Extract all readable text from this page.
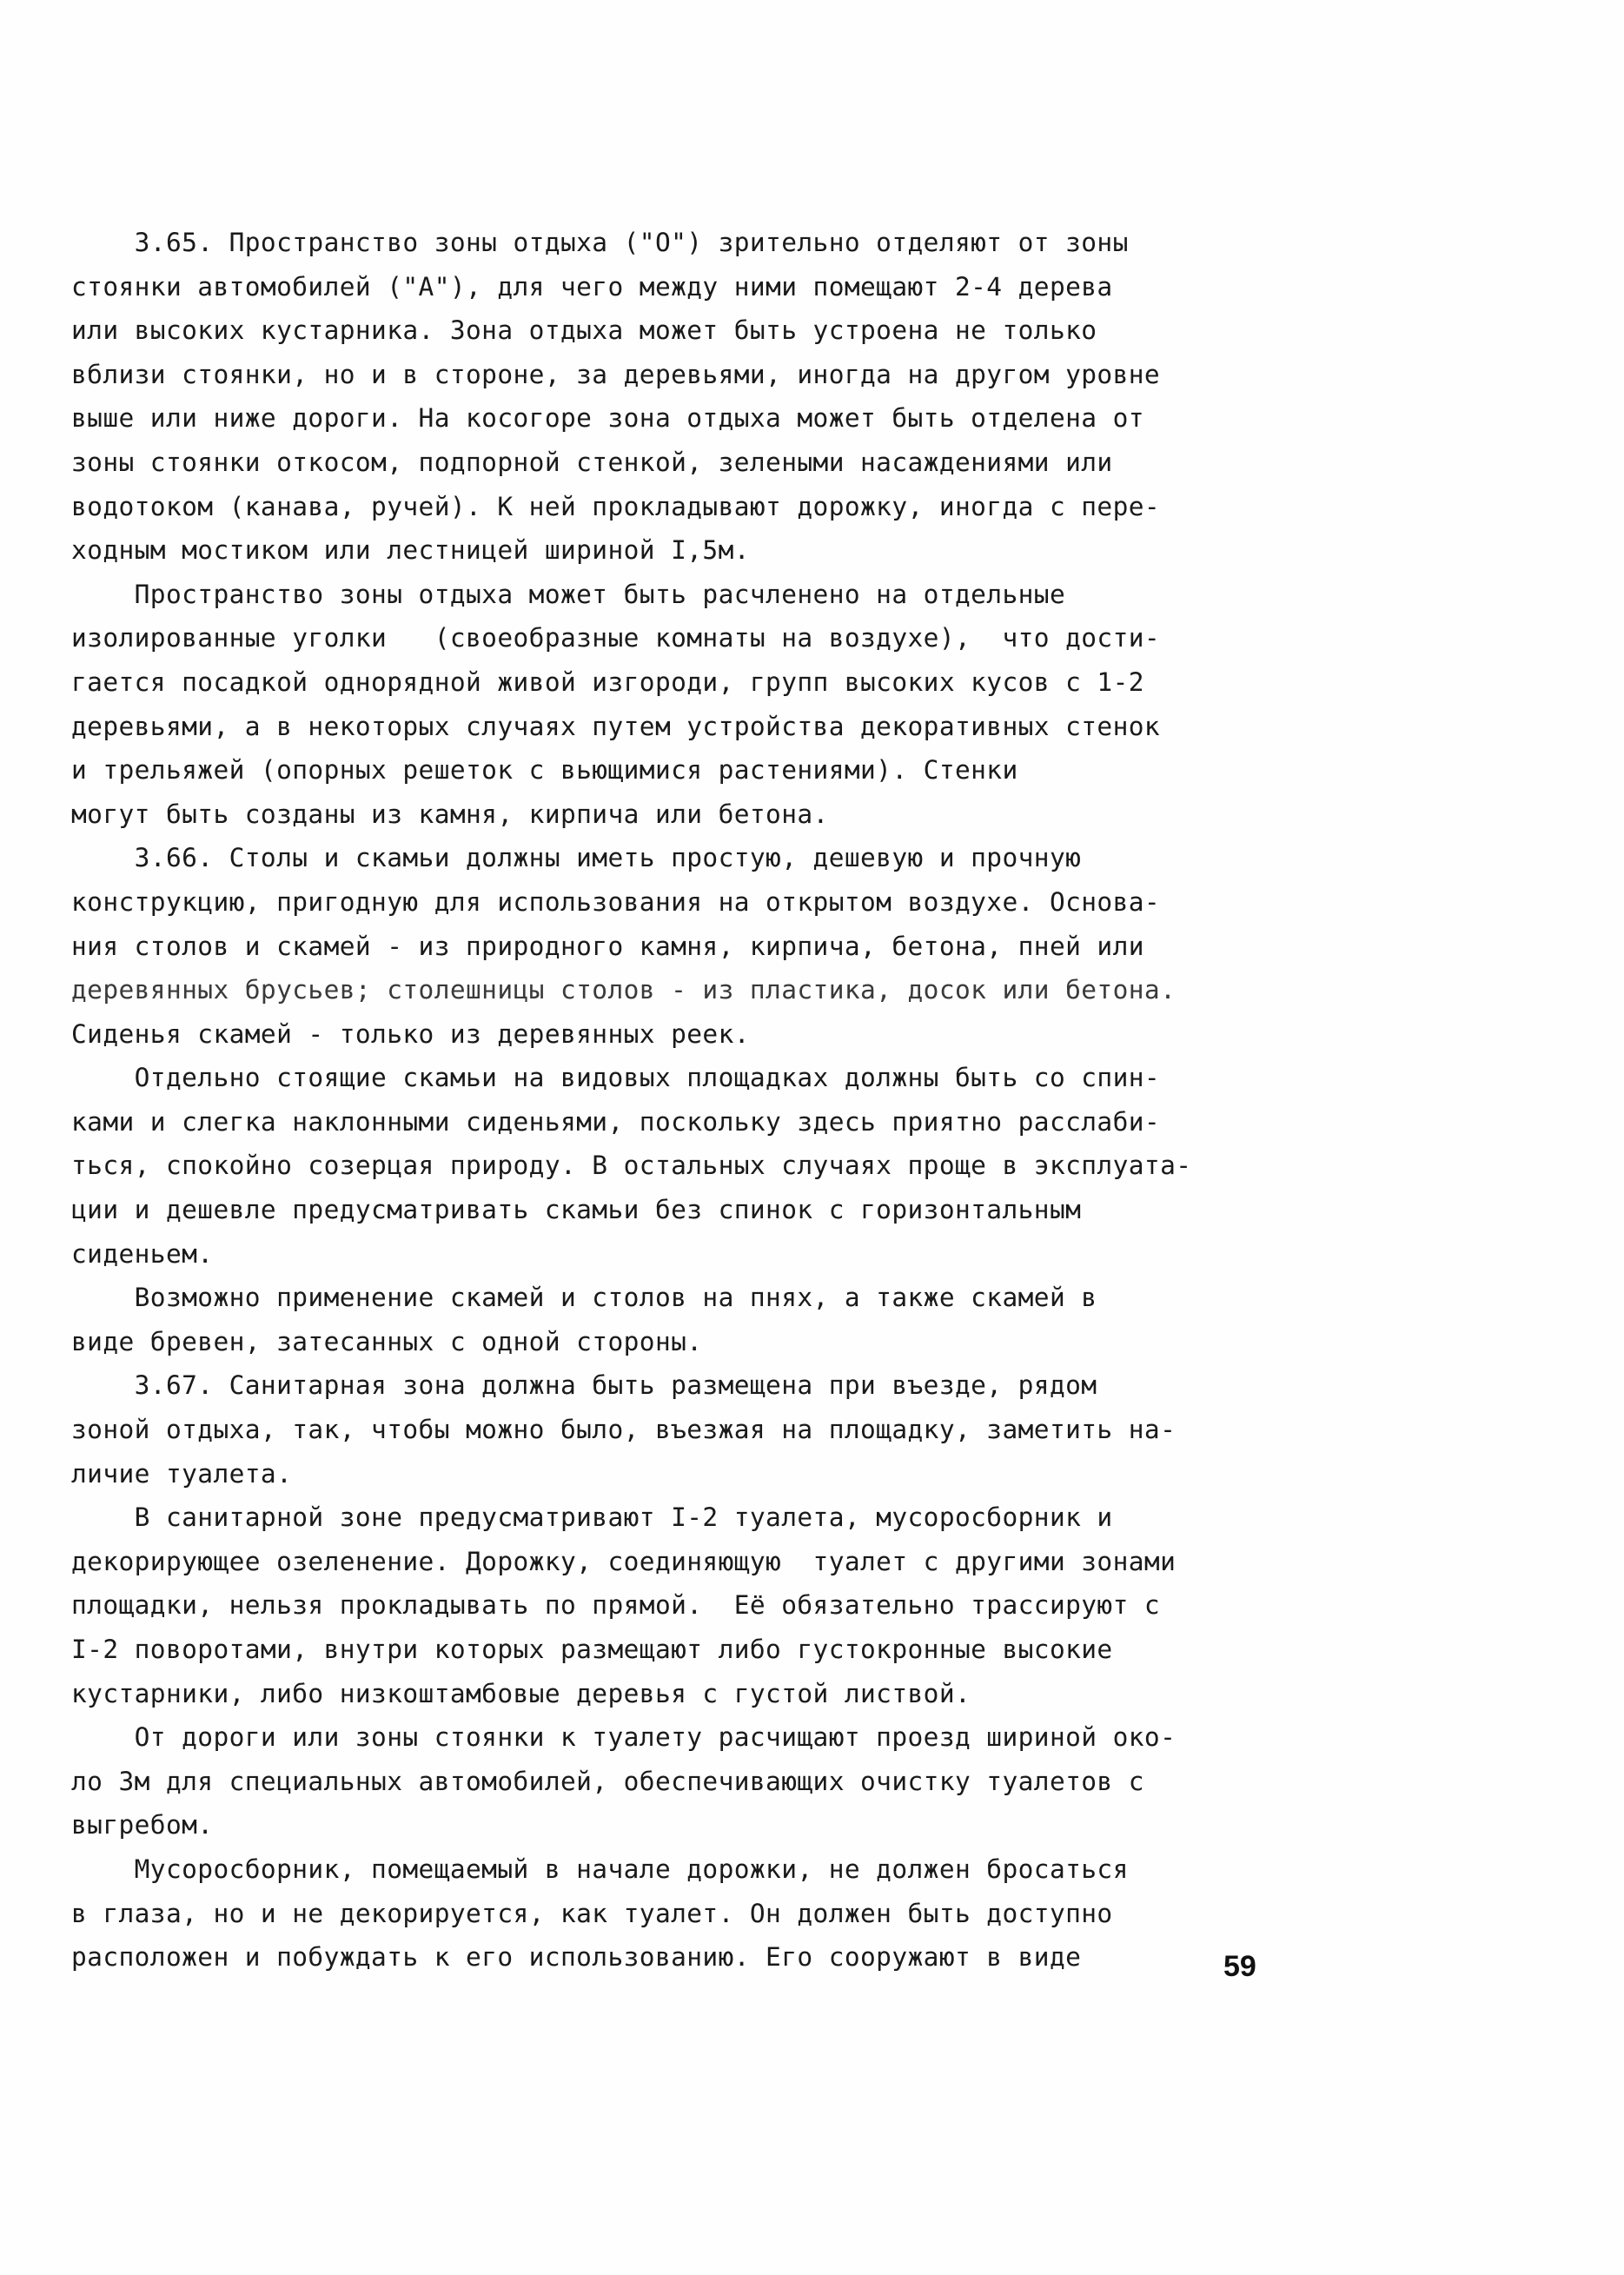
3.65. Пространство зоны отдыха ("О") зрительно отделяют от зоны
стоянки автомобилей ("А"), для чего между ними помещают 2-4 дерева
или высоких кустарника. Зона отдыха может быть устроена не только
вблизи стоянки, но и в стороне, за деревьями, иногда на другом уровне
выше или ниже дороги. На косогоре зона отдыха может быть отделена от
зоны стоянки откосом, подпорной стенкой, зелеными насаждениями или
водотоком (канава, ручей). К ней прокладывают дорожку, иногда с пере-
ходным мостиком или лестницей шириной I,5м.
Пространство зоны отдыха может быть расчленено на отдельные
изолированные уголки   (своеобразные комнаты на воздухе),  что дости-
гается посадкой однорядной живой изгороди, групп высоких кусов с 1-2
деревьями, а в некоторых случаях путем устройства декоративных стенок
и трельяжей (опорных решеток с вьющимися растениями). Стенки
могут быть созданы из камня, кирпича или бетона.
3.66. Столы и скамьи должны иметь простую, дешевую и прочную
конструкцию, пригодную для использования на открытом воздухе. Основа-
ния столов и скамей - из природного камня, кирпича, бетона, пней или
деревянных брусьев; столешницы столов - из пластика, досок или бетона.
Сиденья скамей - только из деревянных реек.
Отдельно стоящие скамьи на видовых площадках должны быть со спин-
ками и слегка наклонными сиденьями, поскольку здесь приятно расслаби-
ться, спокойно созерцая природу. В остальных случаях проще в эксплуата-
ции и дешевле предусматривать скамьи без спинок с горизонтальным
сиденьем.
Возможно применение скамей и столов на пнях, а также скамей в
виде бревен, затесанных с одной стороны.
3.67. Санитарная зона должна быть размещена при въезде, рядом
зоной отдыха, так, чтобы можно было, въезжая на площадку, заметить на-
личие туалета.
В санитарной зоне предусматривают I-2 туалета, мусоросборник и
декорирующее озеленение. Дорожку, соединяющую  туалет с другими зонами
площадки, нельзя прокладывать по прямой.  Её обязательно трассируют с
I-2 поворотами, внутри которых размещают либо густокронные высокие
кустарники, либо низкоштамбовые деревья с густой листвой.
От дороги или зоны стоянки к туалету расчищают проезд шириной око-
ло 3м для специальных автомобилей, обеспечивающих очистку туалетов с
выгребом.
Мусоросборник, помещаемый в начале дорожки, не должен бросаться
в глаза, но и не декорируется, как туалет. Он должен быть доступно
расположен и побуждать к его использованию. Его сооружают в виде	59
